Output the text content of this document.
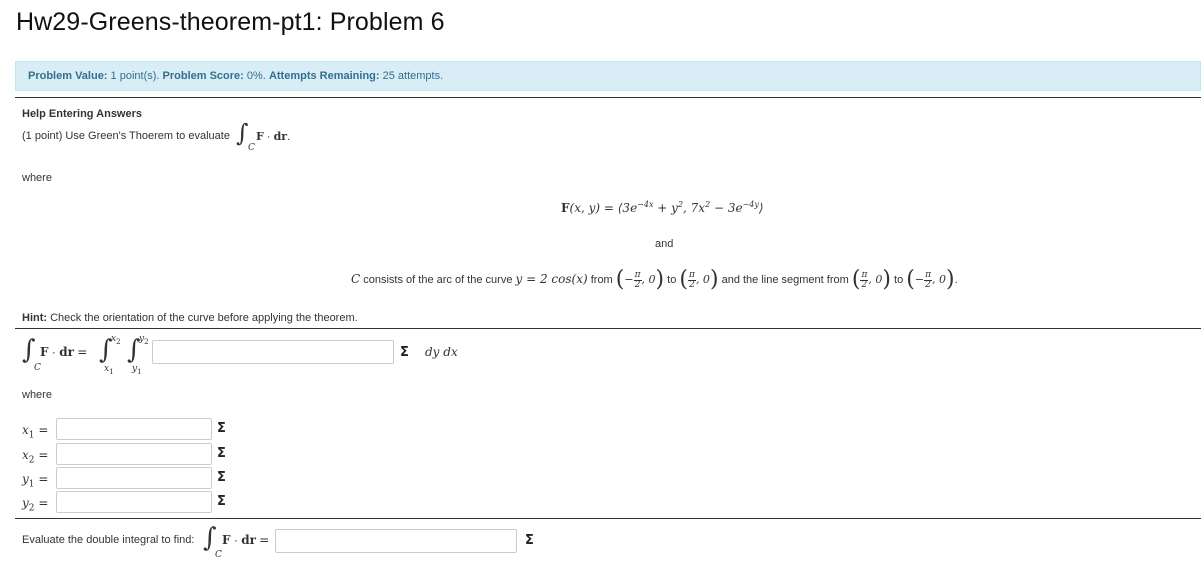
Hw29-Greens-theorem-pt1: Problem 6
Problem Value: 1 point(s). Problem Score: 0%. Attempts Remaining: 25 attempts.
Help Entering Answers
(1 point) Use Green's Thoerem to evaluate ∫
C
F · dr.
where
F(x, $y) = ⟨3e^{-4x} + y^2$, $7x^2$ − $3e^{-4y}⟩$
and
C consists of the arc of the curve y = 2 cos(x) from (− $\frac{\pi}{2}$ , 0) to ( $\frac{\pi}{2}$ , 0) and the line segment from ( $\frac{\pi}{2}$ , 0) to (− $\frac{\pi}{2}$ , 0).
Hint: Check the orientation of the curve before applying the theorem.
∫
C
F · dr = ∫
$x_2$
$x_1$
∫
$y_2$
$y_1$
Σ dy dx
where
$x_1$ =	Σ
$x_2$ =	Σ
$y_1$ =	Σ
$y_2$ =	Σ
Evaluate the double integral to find: ∫
C
F · dr =	Σ
